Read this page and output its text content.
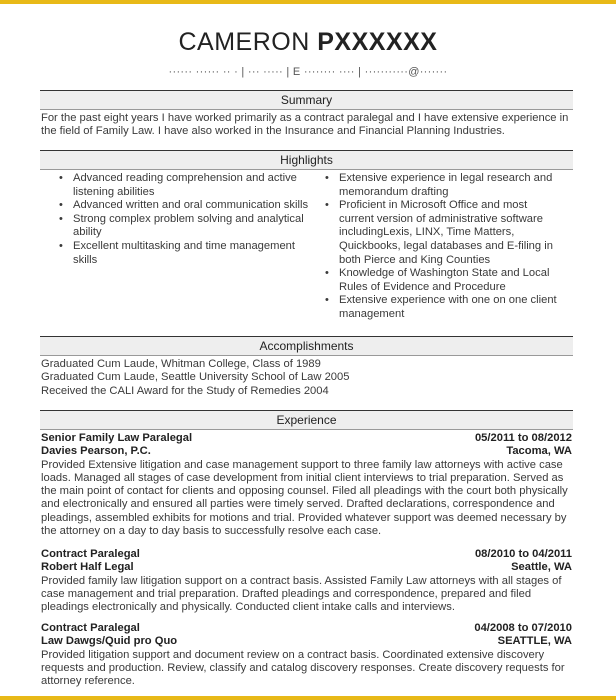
CAMERON PXXXXXX
······ ······ ·· · | ··· ····· | E ········ ···· | ···········@·······
Summary

For the past eight years I have worked primarily as a contract paralegal and I have extensive experience in the field of Family Law. I have also worked in the Insurance and Financial Planning Industries.

Highlights
• Advanced reading comprehension and active listening abilities
• Advanced written and oral communication skills
• Strong complex problem solving and analytical ability
• Excellent multitasking and time management skills
• Extensive experience in legal research and memorandum drafting
• Proficient in Microsoft Office and most current version of administrative software includingLexis, LINX, Time Matters, Quickbooks, legal databases and E-filing in both Pierce and King Counties
• Knowledge of Washington State and Local Rules of Evidence and Procedure
• Extensive experience with one on one client management
Accomplishments

Graduated Cum Laude, Whitman College, Class of 1989

Graduated Cum Laude, Seattle University School of Law 2005

Received the CALI Award for the Study of Remedies 2004

Experience
Senior Family Law Paralegal	05/2011 to 08/2012
Davies Pearson, P.C.	Tacoma, WA

Provided Extensive litigation and case management support to three family law attorneys with active case loads. Managed all stages of case development from initial client interviews to trial preparation. Served as the main point of contact for clients and opposing counsel. Filed all pleadings with the court both physically and electronically and ensured all parties were timely served. Drafted declarations, correspondence and pleadings, assembled exhibits for motions and trial. Provided whatever support was deemed necessary by the attorney on a day to day basis to successfully resolve each case.

Contract Paralegal	08/2010 to 04/2011
Robert Half Legal	Seattle, WA

Provided family law litigation support on a contract basis. Assisted Family Law attorneys with all stages of case management and trial preparation. Drafted pleadings and correspondence, prepared and filed pleadings electronically and physically. Conducted client intake calls and interviews.

Contract Paralegal	04/2008 to 07/2010
Law Dawgs/Quid pro Quo	SEATTLE, WA

Provided litigation support and document review on a contract basis. Coordinated extensive discovery requests and production. Review, classify and catalog discovery responses. Create discovery requests for attorney reference.
